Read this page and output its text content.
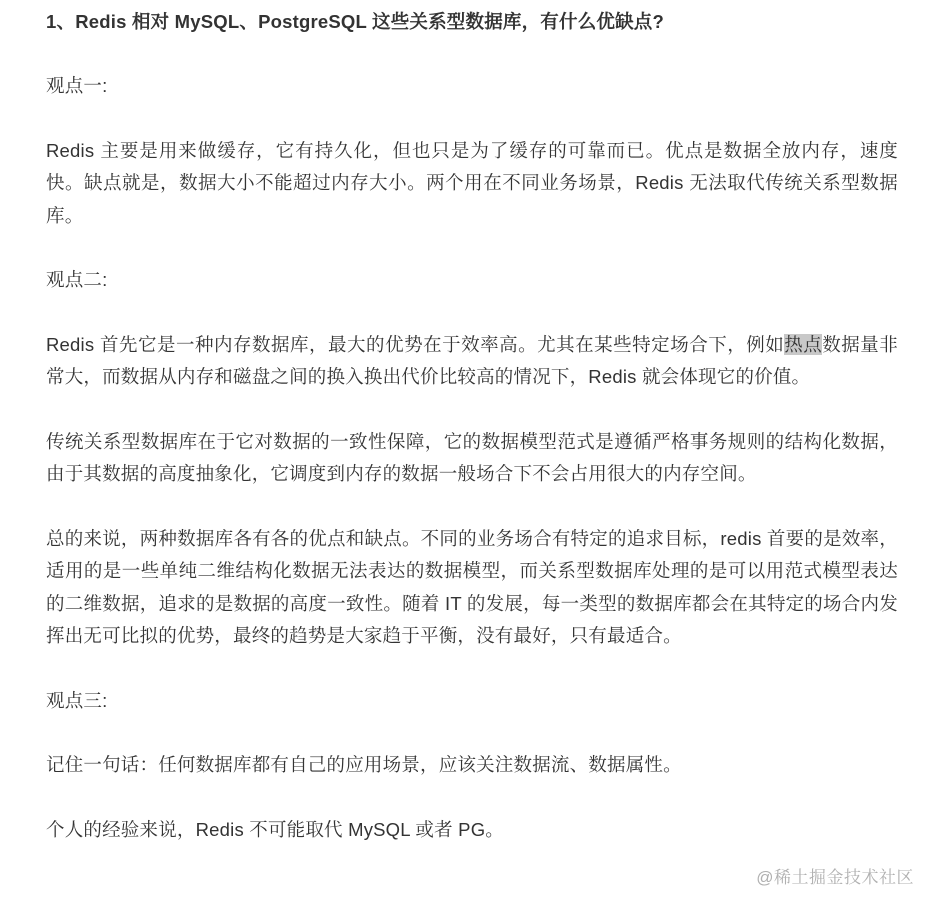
1、Redis 相对 MySQL、PostgreSQL 这些关系型数据库，有什么优缺点?
观点一:
Redis 主要是用来做缓存，它有持久化，但也只是为了缓存的可靠而已。优点是数据全放内存，速度快。缺点就是，数据大小不能超过内存大小。两个用在不同业务场景，Redis 无法取代传统关系型数据库。
观点二:
Redis 首先它是一种内存数据库，最大的优势在于效率高。尤其在某些特定场合下，例如热点数据量非常大，而数据从内存和磁盘之间的换入换出代价比较高的情况下，Redis 就会体现它的价值。
传统关系型数据库在于它对数据的一致性保障，它的数据模型范式是遵循严格事务规则的结构化数据，由于其数据的高度抽象化，它调度到内存的数据一般场合下不会占用很大的内存空间。
总的来说，两种数据库各有各的优点和缺点。不同的业务场合有特定的追求目标，redis 首要的是效率，适用的是一些单纯二维结构化数据无法表达的数据模型，而关系型数据库处理的是可以用范式模型表达的二维数据，追求的是数据的高度一致性。随着 IT 的发展，每一类型的数据库都会在其特定的场合内发挥出无可比拟的优势，最终的趋势是大家趋于平衡，没有最好，只有最适合。
观点三:
记住一句话：任何数据库都有自己的应用场景，应该关注数据流、数据属性。
个人的经验来说，Redis 不可能取代 MySQL 或者 PG。
@稀土掘金技术社区
